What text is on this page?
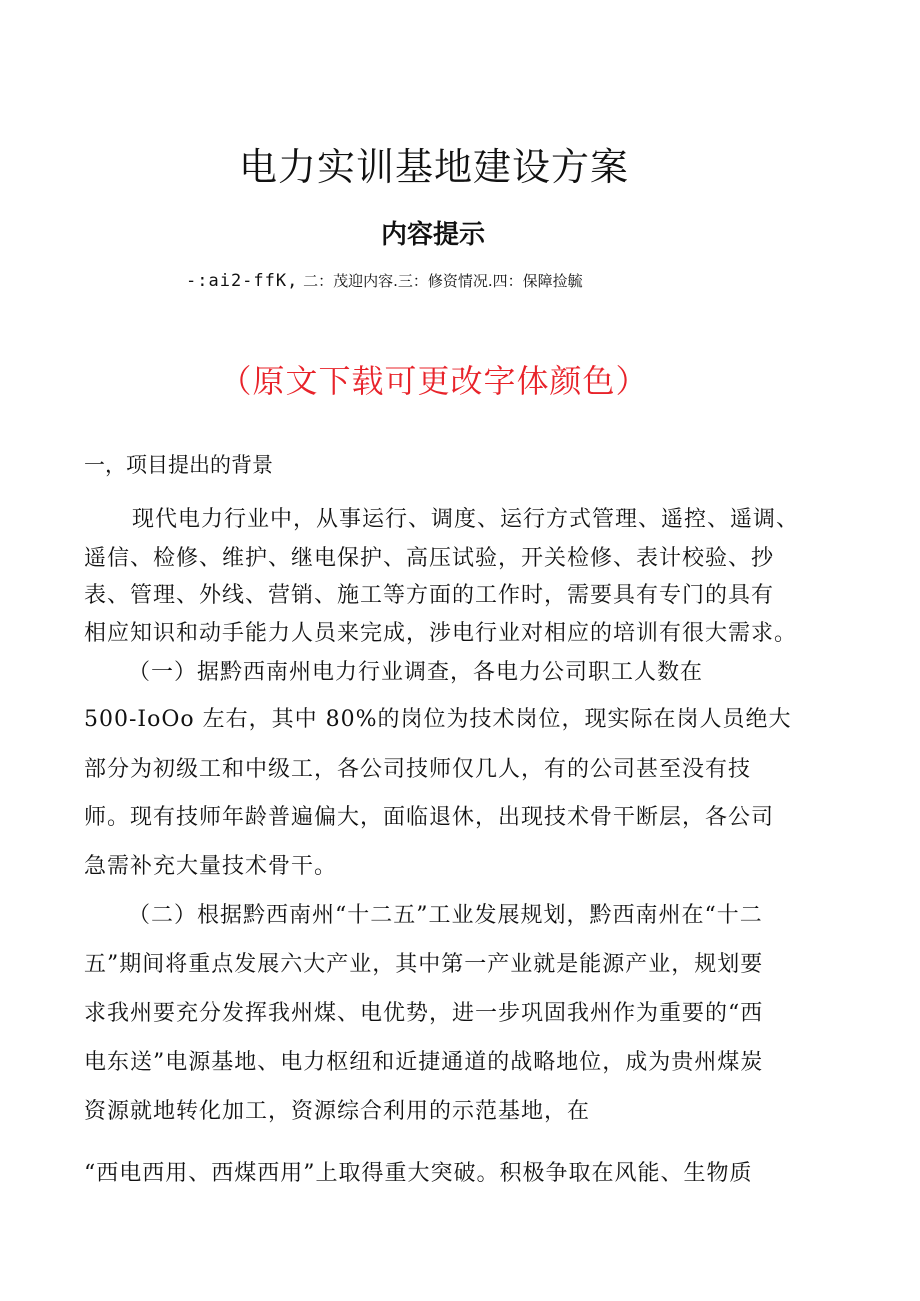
电力实训基地建设方案
内容提示
-:ai2-ffK, 二：茂迎内容.三：修资情况.四：保障捡毓
（原文下载可更改字体颜色）
一，项目提出的背景
现代电力行业中，从事运行、调度、运行方式管理、遥控、遥调、
遥信、检修、维护、继电保护、高压试验，开关检修、表计校验、抄
表、管理、外线、营销、施工等方面的工作时，需要具有专门的具有
相应知识和动手能力人员来完成，涉电行业对相应的培训有很大需求。
（一）据黔西南州电力行业调查，各电力公司职工人数在
500-IoOo 左右，其中 80%的岗位为技术岗位，现实际在岗人员绝大
部分为初级工和中级工，各公司技师仅几人，有的公司甚至没有技
师。现有技师年龄普遍偏大，面临退休，出现技术骨干断层，各公司
急需补充大量技术骨干。
（二）根据黔西南州“十二五”工业发展规划，黔西南州在“十二
五”期间将重点发展六大产业，其中第一产业就是能源产业，规划要
求我州要充分发挥我州煤、电优势，进一步巩固我州作为重要的“西
电东送”电源基地、电力枢纽和近捷通道的战略地位，成为贵州煤炭
资源就地转化加工，资源综合利用的示范基地，在
“西电西用、西煤西用”上取得重大突破。积极争取在风能、生物质
